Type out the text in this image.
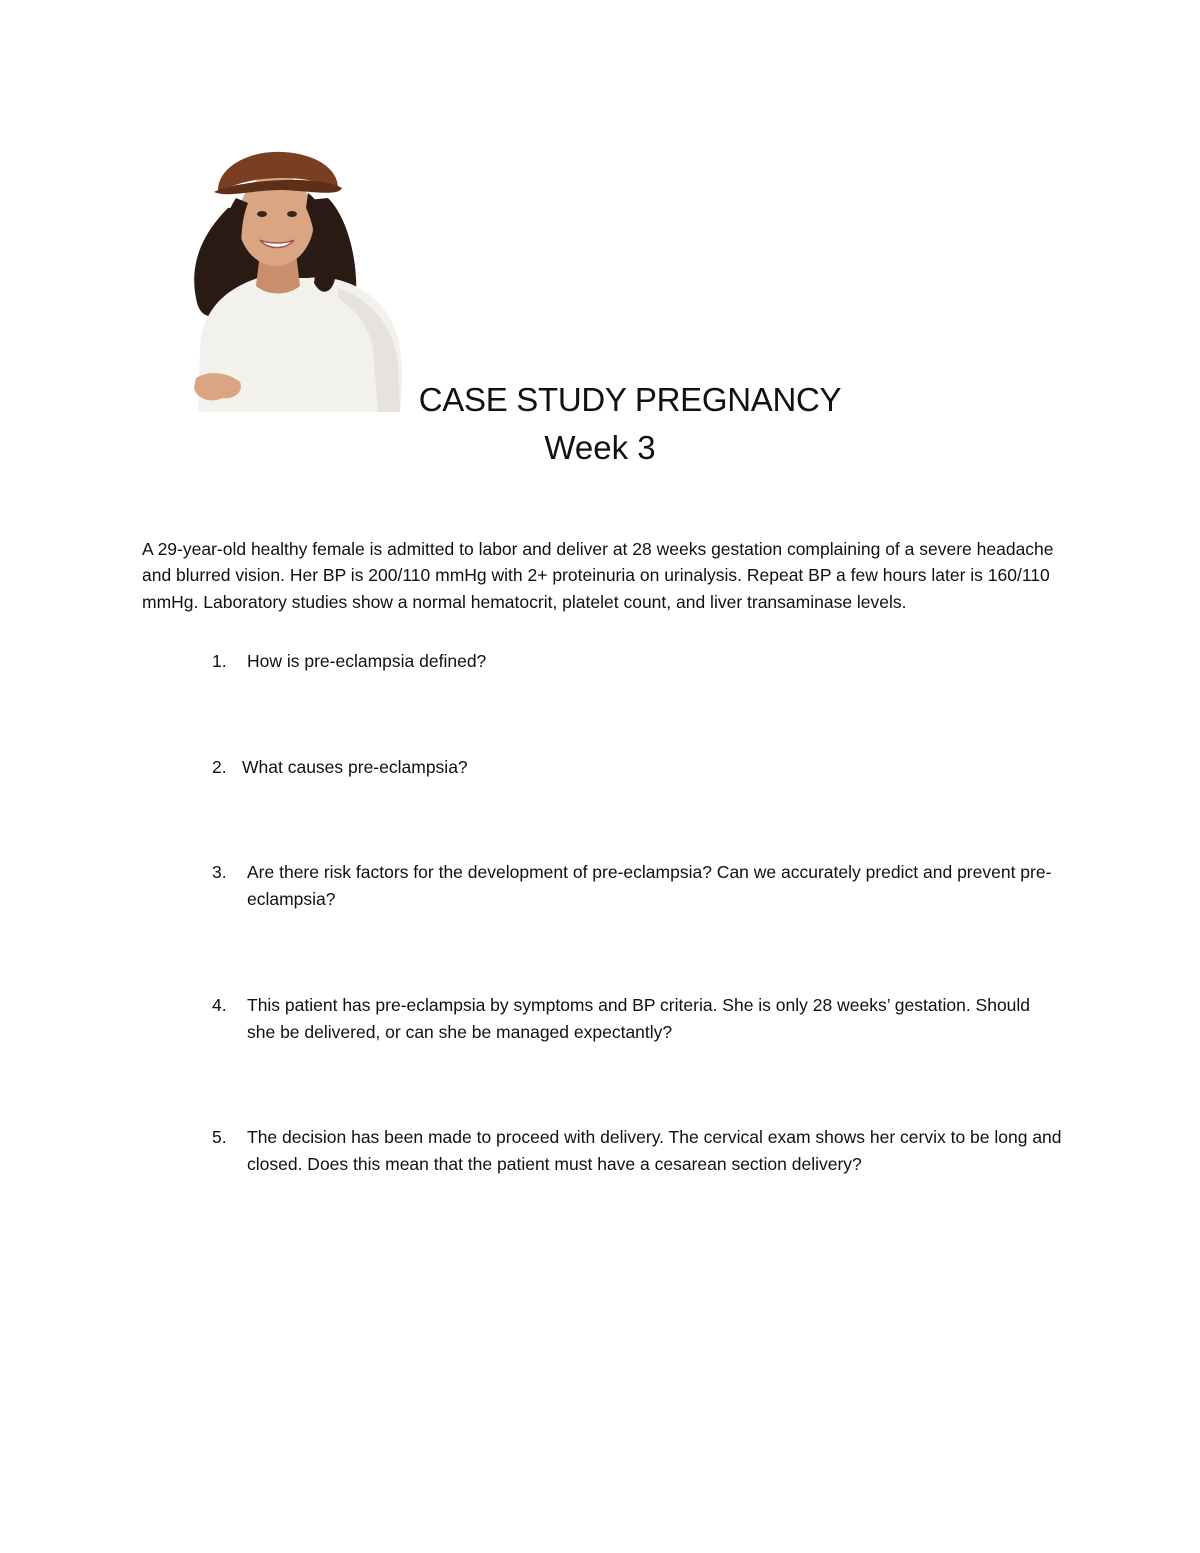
CASE STUDY PREGNANCY
Week 3

A 29-year-old healthy female is admitted to labor and deliver at 28 weeks gestation complaining of a severe headache and blurred vision. Her BP is 200/110 mmHg with 2+ proteinuria on urinalysis. Repeat BP a few hours later is 160/110 mmHg. Laboratory studies show a normal hematocrit, platelet count, and liver transaminase levels.

1. How is pre-eclampsia defined?
2. What causes pre-eclampsia?
3. Are there risk factors for the development of pre-eclampsia? Can we accurately predict and prevent pre-eclampsia?
4. This patient has pre-eclampsia by symptoms and BP criteria. She is only 28 weeks’ gestation. Should she be delivered, or can she be managed expectantly?
5. The decision has been made to proceed with delivery. The cervical exam shows her cervix to be long and closed. Does this mean that the patient must have a cesarean section delivery?
